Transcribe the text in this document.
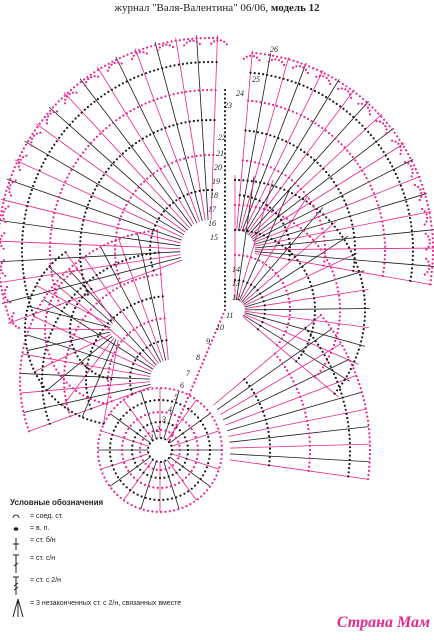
журнал "Валя-Валентина" 06/06, модель 12
1
2
3
4
5
6
7
8
9
10
11
12
13
14
15
16
17
18
19
20
21
22
23
24
25
26
Условные обозначения
= соед. ст.
= в. п.
= ст. б/н
= ст. с/н
= ст. с 2/н
= 3 незаконченных ст. с 2/н, связанных вместе
Страна Мам
